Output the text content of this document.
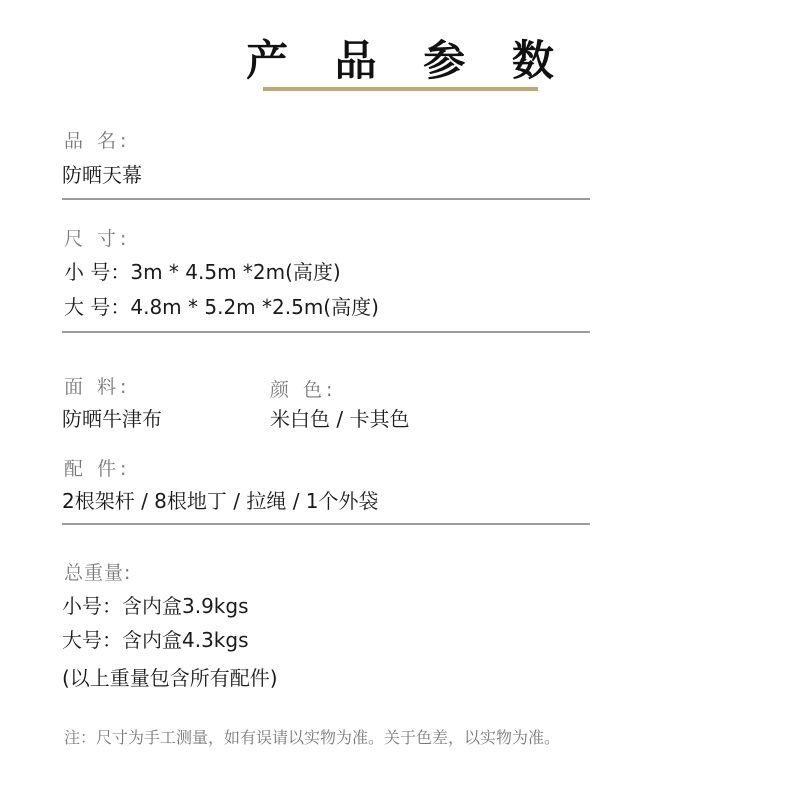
产 品 参 数
品 名:
防晒天幕
尺 寸:
小 号：3m * 4.5m *2m(高度)
大 号：4.8m * 5.2m *2.5m(高度)
面 料:
防晒牛津布
颜 色:
米白色 / 卡其色
配 件:
2根架杆 / 8根地丁 / 拉绳 / 1个外袋
总重量:
小号：含内盒3.9kgs
大号：含内盒4.3kgs
(以上重量包含所有配件)
注：尺寸为手工测量，如有误请以实物为准。关于色差，以实物为准。
